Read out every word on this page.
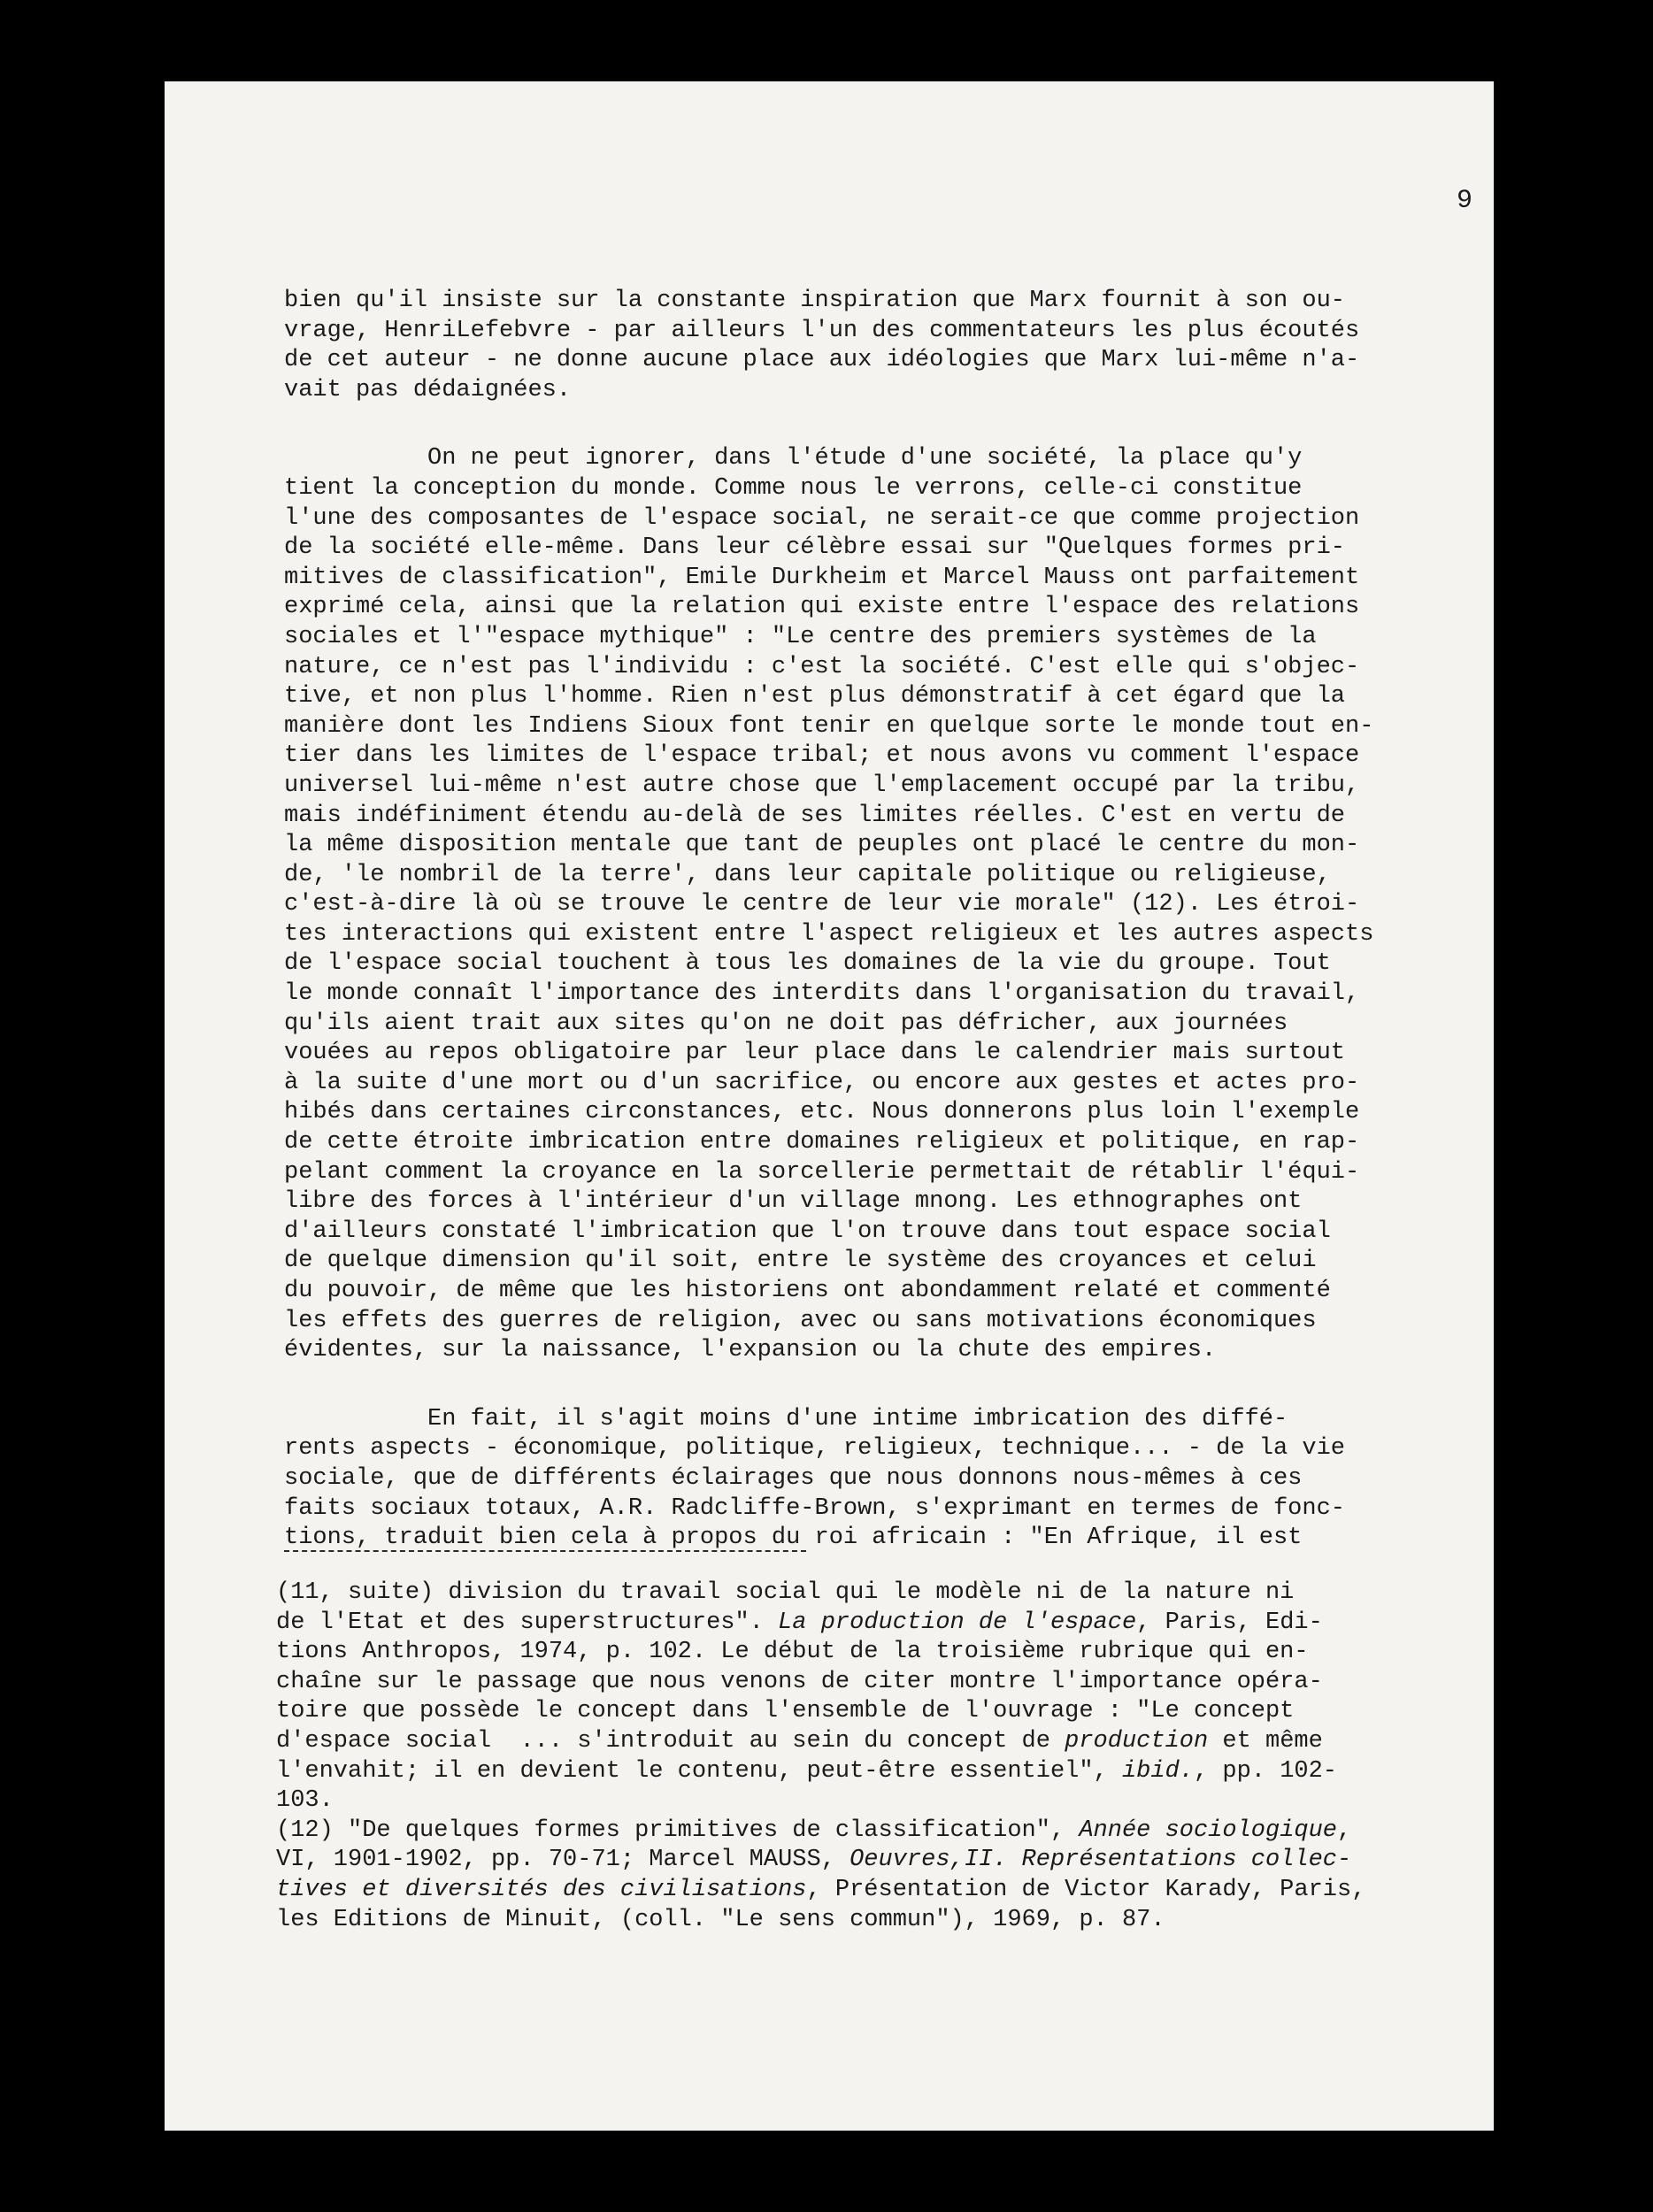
9

bien qu'il insiste sur la constante inspiration que Marx fournit à son ou-

vrage, HenriLefebvre - par ailleurs l'un des commentateurs les plus écoutés

de cet auteur - ne donne aucune place aux idéologies que Marx lui-même n'a-

vait pas dédaignées.

On ne peut ignorer, dans l'étude d'une société, la place qu'y

tient la conception du monde. Comme nous le verrons, celle-ci constitue

l'une des composantes de l'espace social, ne serait-ce que comme projection

de la société elle-même. Dans leur célèbre essai sur "Quelques formes pri-

mitives de classification", Emile Durkheim et Marcel Mauss ont parfaitement

exprimé cela, ainsi que la relation qui existe entre l'espace des relations

sociales et l'"espace mythique" : "Le centre des premiers systèmes de la

nature, ce n'est pas l'individu : c'est la société. C'est elle qui s'objec-

tive, et non plus l'homme. Rien n'est plus démonstratif à cet égard que la

manière dont les Indiens Sioux font tenir en quelque sorte le monde tout en-

tier dans les limites de l'espace tribal; et nous avons vu comment l'espace

universel lui-même n'est autre chose que l'emplacement occupé par la tribu,

mais indéfiniment étendu au-delà de ses limites réelles. C'est en vertu de

la même disposition mentale que tant de peuples ont placé le centre du mon-

de, 'le nombril de la terre', dans leur capitale politique ou religieuse,

c'est-à-dire là où se trouve le centre de leur vie morale" (12). Les étroi-

tes interactions qui existent entre l'aspect religieux et les autres aspects

de l'espace social touchent à tous les domaines de la vie du groupe. Tout

le monde connaît l'importance des interdits dans l'organisation du travail,

qu'ils aient trait aux sites qu'on ne doit pas défricher, aux journées

vouées au repos obligatoire par leur place dans le calendrier mais surtout

à la suite d'une mort ou d'un sacrifice, ou encore aux gestes et actes pro-

hibés dans certaines circonstances, etc. Nous donnerons plus loin l'exemple

de cette étroite imbrication entre domaines religieux et politique, en rap-

pelant comment la croyance en la sorcellerie permettait de rétablir l'équi-

libre des forces à l'intérieur d'un village mnong. Les ethnographes ont

d'ailleurs constaté l'imbrication que l'on trouve dans tout espace social

de quelque dimension qu'il soit, entre le système des croyances et celui

du pouvoir, de même que les historiens ont abondamment relaté et commenté

les effets des guerres de religion, avec ou sans motivations économiques

évidentes, sur la naissance, l'expansion ou la chute des empires.

En fait, il s'agit moins d'une intime imbrication des diffé-

rents aspects - économique, politique, religieux, technique... - de la vie

sociale, que de différents éclairages que nous donnons nous-mêmes à ces

faits sociaux totaux, A.R. Radcliffe-Brown, s'exprimant en termes de fonc-

tions, traduit bien cela à propos du roi africain : "En Afrique, il est

(11, suite) division du travail social qui le modèle ni de la nature ni

de l'Etat et des superstructures". La production de l'espace, Paris, Edi-

tions Anthropos, 1974, p. 102. Le début de la troisième rubrique qui en-

chaîne sur le passage que nous venons de citer montre l'importance opéra-

toire que possède le concept dans l'ensemble de l'ouvrage : "Le concept

d'espace social  ... s'introduit au sein du concept de production et même

l'envahit; il en devient le contenu, peut-être essentiel", ibid., pp. 102-

103.

(12) "De quelques formes primitives de classification", Année sociologique,

VI, 1901-1902, pp. 70-71; Marcel MAUSS, Oeuvres,II. Représentations collec-

tives et diversités des civilisations, Présentation de Victor Karady, Paris,

les Editions de Minuit, (coll. "Le sens commun"), 1969, p. 87.
